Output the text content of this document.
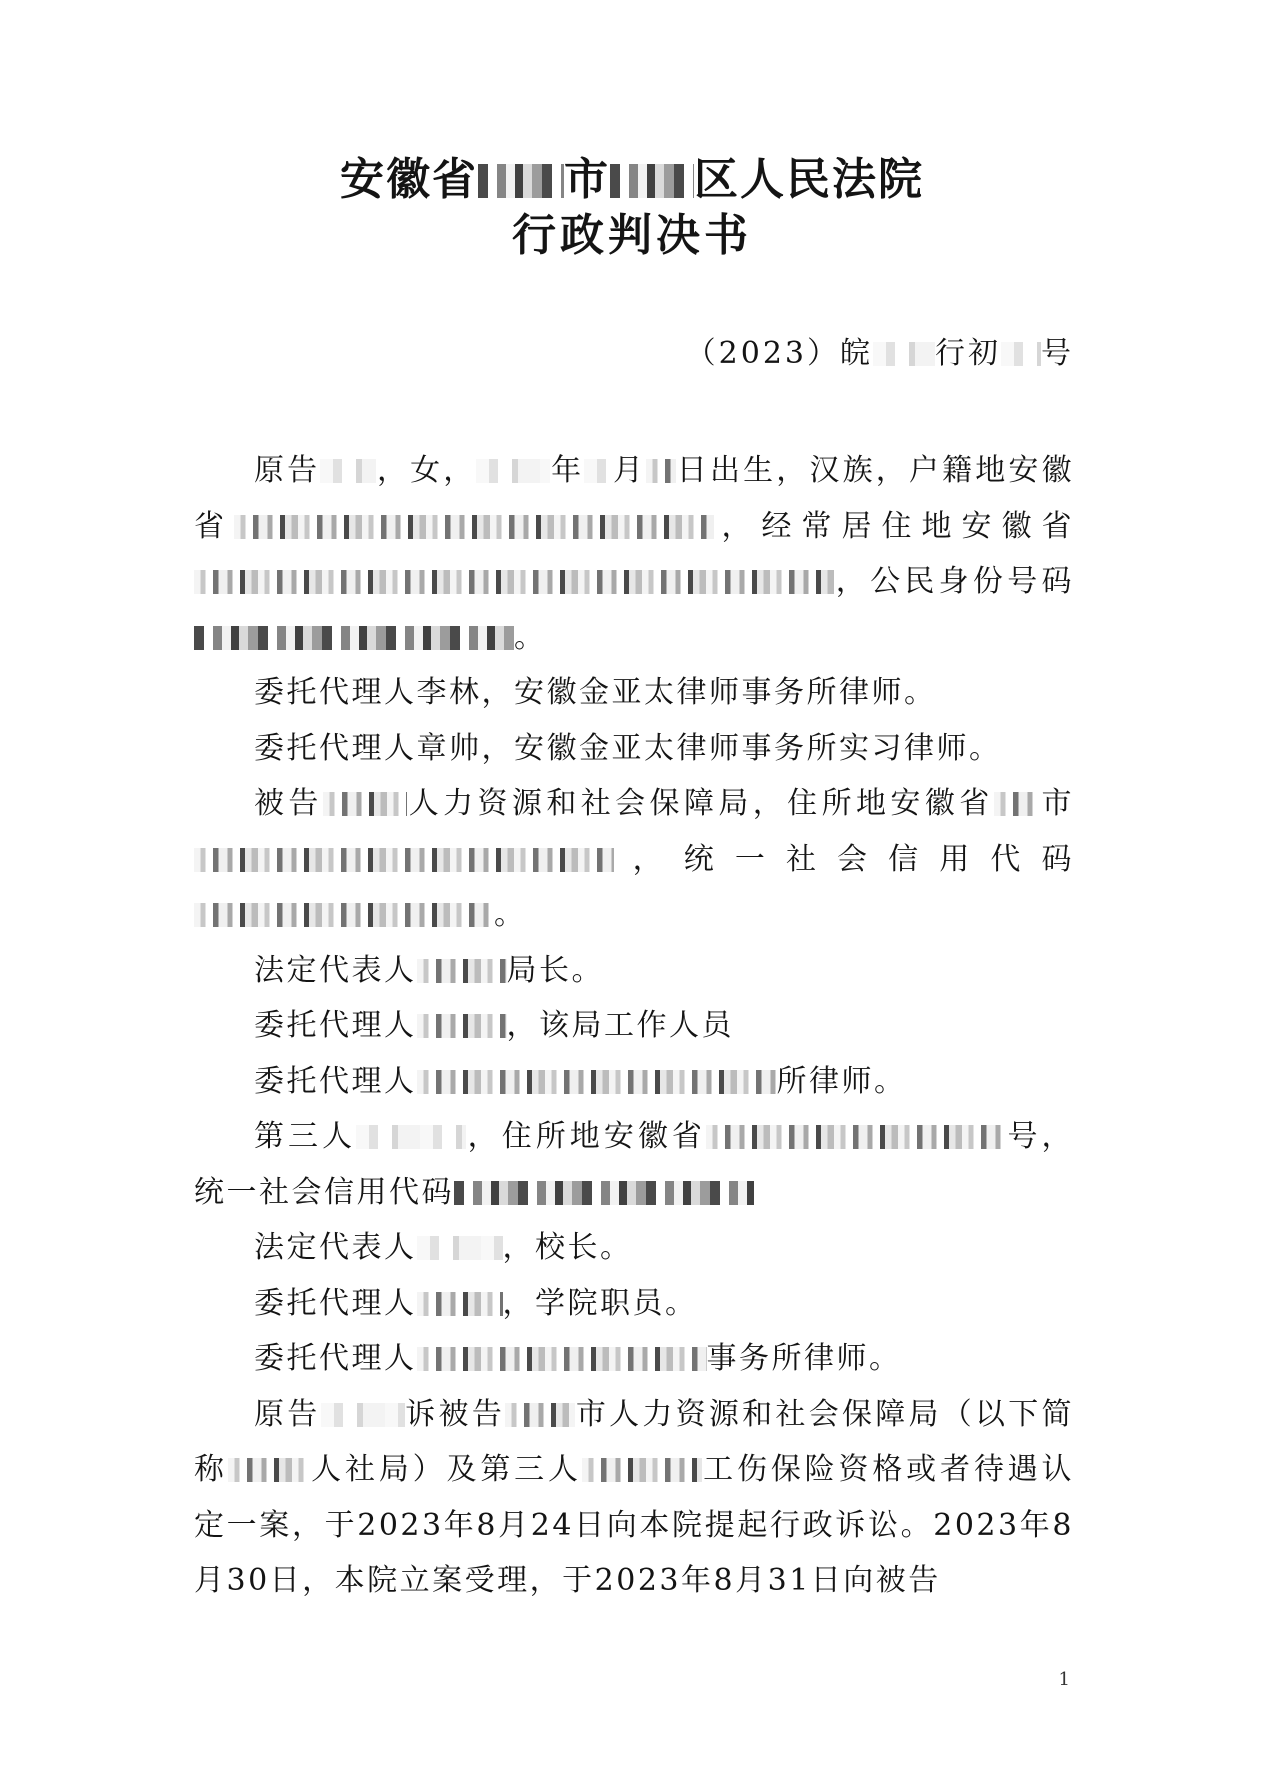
安徽省 市 区人民法院
行政判决书
（2023）皖 行初 号

原告 ，女， 年 月 日出生，汉族，户籍地安徽省	，经常居住地安徽省，公民身份号码。

委托代理人李林，安徽金亚太律师事务所律师。

委托代理人章帅，安徽金亚太律师事务所实习律师。

被告	人力资源和社会保障局，住所地安徽省 市，统一社会信用代码。

法定代表人	局长。

委托代理人	，该局工作人员

委托代理人	所律师。

第三人	，住所地安徽省	号，统一社会信用代码

法定代表人	，校长。

委托代理人	，学院职员。

委托代理人	事务所律师。

原告	诉被告 市人力资源和社会保障局（以下简称	人社局）及第三人	工伤保险资格或者待遇认定一案，于2023年8月24日向本院提起行政诉讼。2023年8月30日，本院立案受理，于2023年8月31日向被告

1
